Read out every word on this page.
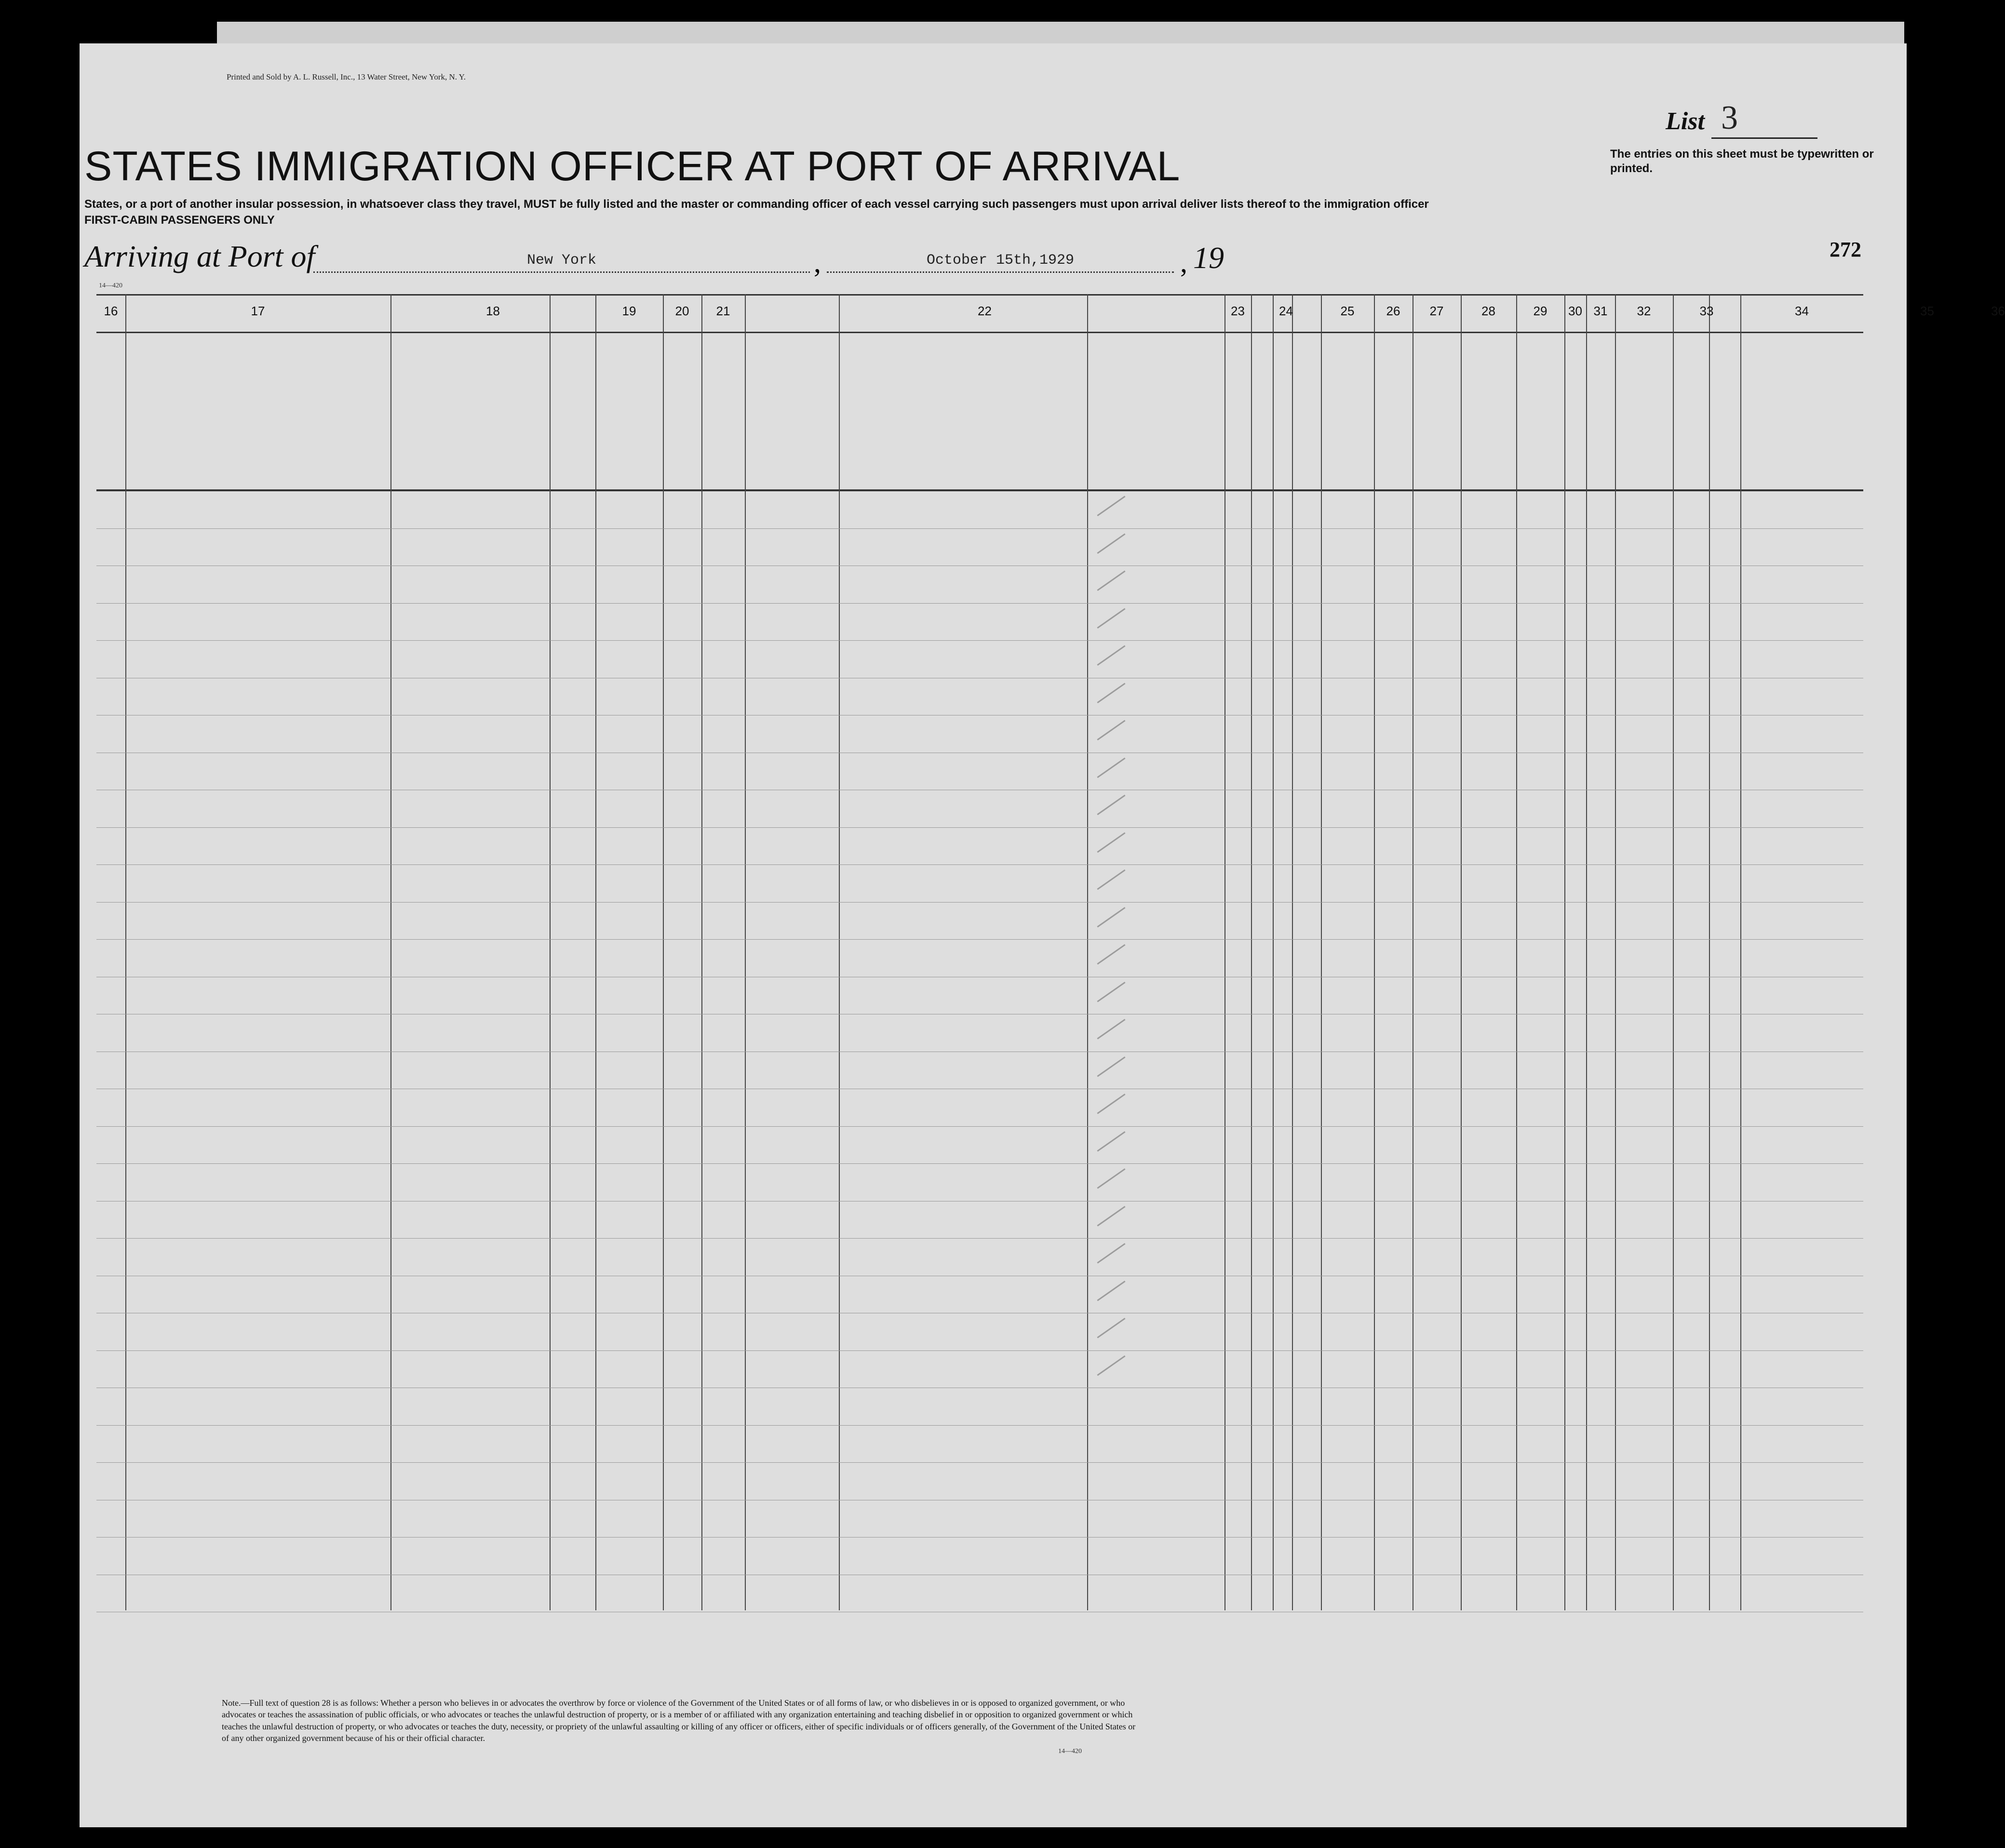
Printed and Sold by A. L. Russell, Inc., 13 Water Street, New York, N. Y.
List 3
STATES IMMIGRATION OFFICER AT PORT OF ARRIVAL	The entries on this sheet must be typewritten or printed.
States, or a port of another insular possession, in whatsoever class they travel, MUST be fully listed and the master or commanding officer of each vessel carrying such passengers must upon arrival deliver lists thereof to the immigration officer
FIRST-CABIN PASSENGERS ONLY
Arriving at Port of	New York	,	October 15th,1929	, 19	272
14—420
16	17	18	19	20	21	22	23	24	25	26	27	28	29	30 31	32	33	34	35	36
Note.—Full text of question 28 is as follows: Whether a person who believes in or advocates the overthrow by force or violence of the Government of the United States or of all forms of law, or who disbelieves in or is opposed to organized government, or who advocates or teaches the assassination of public officials, or who advocates or teaches the unlawful destruction of property, or is a member of or affiliated with any organization entertaining and teaching disbelief in or opposition to organized government or which teaches the unlawful destruction of property, or who advocates or teaches the duty, necessity, or propriety of the unlawful assaulting or killing of any officer or officers, either of specific individuals or of officers generally, of the Government of the United States or of any other organized government because of his or their official character.
14—420
